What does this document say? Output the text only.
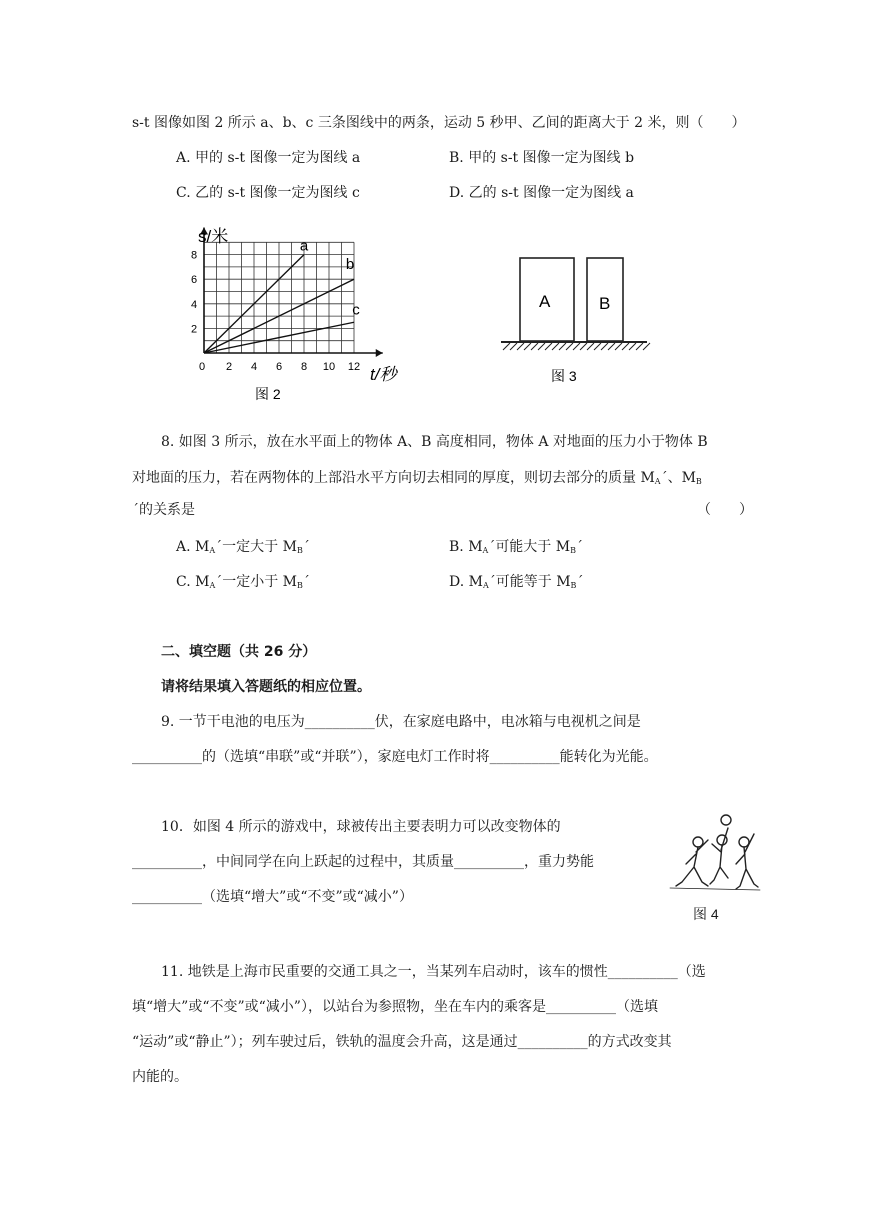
s-t 图像如图 2 所示 a、b、c 三条图线中的两条，运动 5 秒甲、乙间的距离大于 2 米，则（　　）
A. 甲的 s-t 图像一定为图线 a	B. 甲的 s-t 图像一定为图线 b
C. 乙的 s-t 图像一定为图线 c	D. 乙的 s-t 图像一定为图线 a
2 4 6 8 10 12
2
4
6
8
0
a
b
c
s/米
t/秒
图 2
A	B
图 3
8. 如图 3 所示，放在水平面上的物体 A、B 高度相同，物体 A 对地面的压力小于物体 B
对地面的压力，若在两物体的上部沿水平方向切去相同的厚度，则切去部分的质量 $M_A´$、$M_B$
´的关系是	（　　）
A. $M_A´$一定大于 $M_B´$	B. $M_A´$可能大于 $M_B´$
C. $M_A´$一定小于 $M_B´$	D. $M_A´$可能等于 $M_B´$
二、填空题（共 26 分）
请将结果填入答题纸的相应位置。
9. 一节干电池的电压为__________伏，在家庭电路中，电冰箱与电视机之间是
__________的（选填“串联”或“并联”），家庭电灯工作时将__________能转化为光能。
10．如图 4 所示的游戏中，球被传出主要表明力可以改变物体的
__________，中间同学在向上跃起的过程中，其质量__________，重力势能
__________（选填“增大”或“不变”或“减小”）
图 4
11. 地铁是上海市民重要的交通工具之一，当某列车启动时，该车的惯性__________（选
填“增大”或“不变”或“减小”），以站台为参照物，坐在车内的乘客是__________（选填
“运动”或“静止”）；列车驶过后，铁轨的温度会升高，这是通过__________的方式改变其
内能的。
